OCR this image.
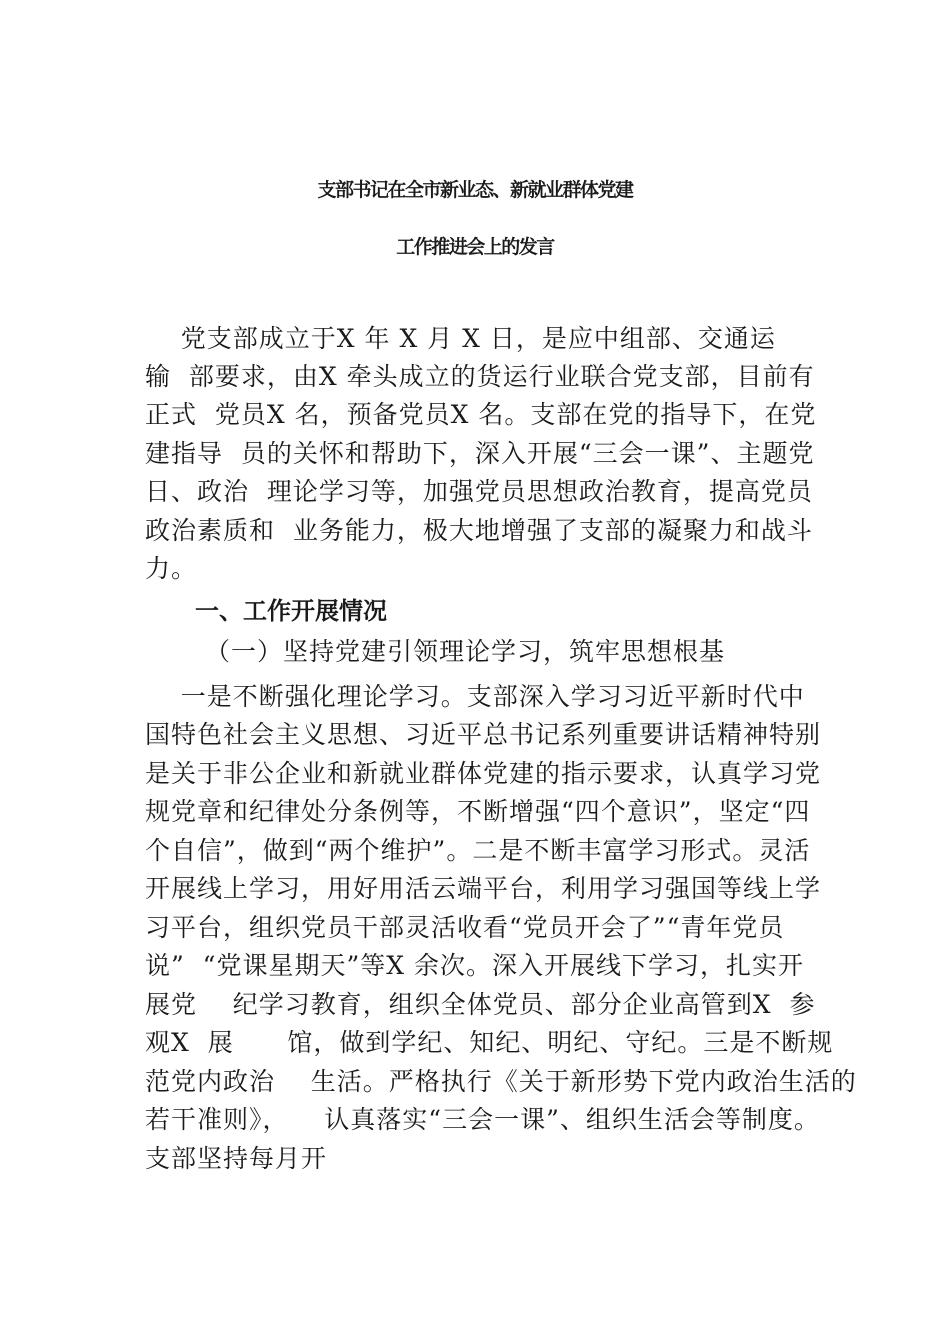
支部书记在全市新业态、新就业群体党建
工作推进会上的发言
党支部成立于X 年 X 月 X 日，是应中组部、交通运
输  部要求，由X 牵头成立的货运行业联合党支部，目前有
正式  党员X 名，预备党员X 名。支部在党的指导下，在党
建指导  员的关怀和帮助下，深入开展“三会一课”、主题党
日、政治  理论学习等，加强党员思想政治教育，提高党员
政治素质和  业务能力，极大地增强了支部的凝聚力和战斗
力。
一、工作开展情况
（一）坚持党建引领理论学习，筑牢思想根基
一是不断强化理论学习。支部深入学习习近平新时代中
国特色社会主义思想、习近平总书记系列重要讲话精神特别
是关于非公企业和新就业群体党建的指示要求，认真学习党
规党章和纪律处分条例等，不断增强“四个意识”，坚定“四
个自信”，做到“两个维护”。二是不断丰富学习形式。灵活
开展线上学习，用好用活云端平台，利用学习强国等线上学
习平台，组织党员干部灵活收看“党员开会了”“青年党员
说”  “党课星期天”等X 余次。深入开展线下学习，扎实开
展党    纪学习教育，组织全体党员、部分企业高管到X  参
观X  展      馆，做到学纪、知纪、明纪、守纪。三是不断规
范党内政治    生活。严格执行《关于新形势下党内政治生活的
若干准则》，    认真落实“三会一课”、组织生活会等制度。
支部坚持每月开
